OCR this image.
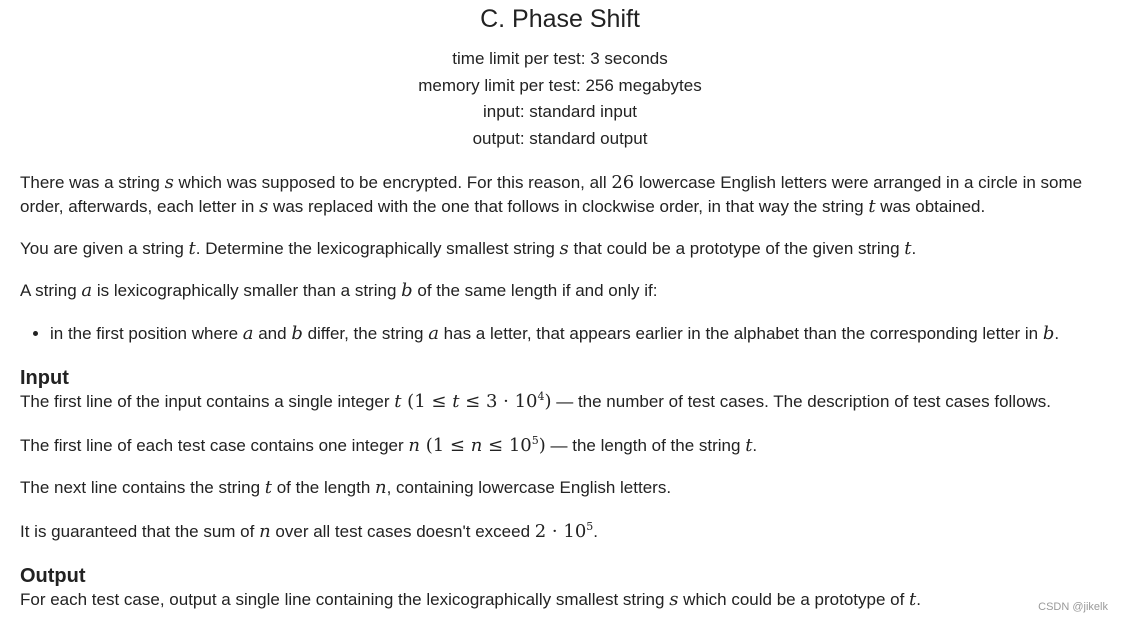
C. Phase Shift
time limit per test: 3 seconds
memory limit per test: 256 megabytes
input: standard input
output: standard output

There was a string s which was supposed to be encrypted. For this reason, all 26 lowercase English letters were arranged in a circle in some order, afterwards, each letter in s was replaced with the one that follows in clockwise order, in that way the string t was obtained.

You are given a string t. Determine the lexicographically smallest string s that could be a prototype of the given string t.

A string a is lexicographically smaller than a string b of the same length if and only if:

• in the first position where a and b differ, the string a has a letter, that appears earlier in the alphabet than the corresponding letter in b.
Input

The first line of the input contains a single integer t $(1 \le t \le 3 \cdot 10^4)$ — the number of test cases. The description of test cases follows.

The first line of each test case contains one integer n $(1 \le n \le 10^5)$ — the length of the string t.

The next line contains the string t of the length n, containing lowercase English letters.

It is guaranteed that the sum of n over all test cases doesn't exceed $2 \cdot 10^5$.

Output

For each test case, output a single line containing the lexicographically smallest string s which could be a prototype of t.	CSDN @jikelk
